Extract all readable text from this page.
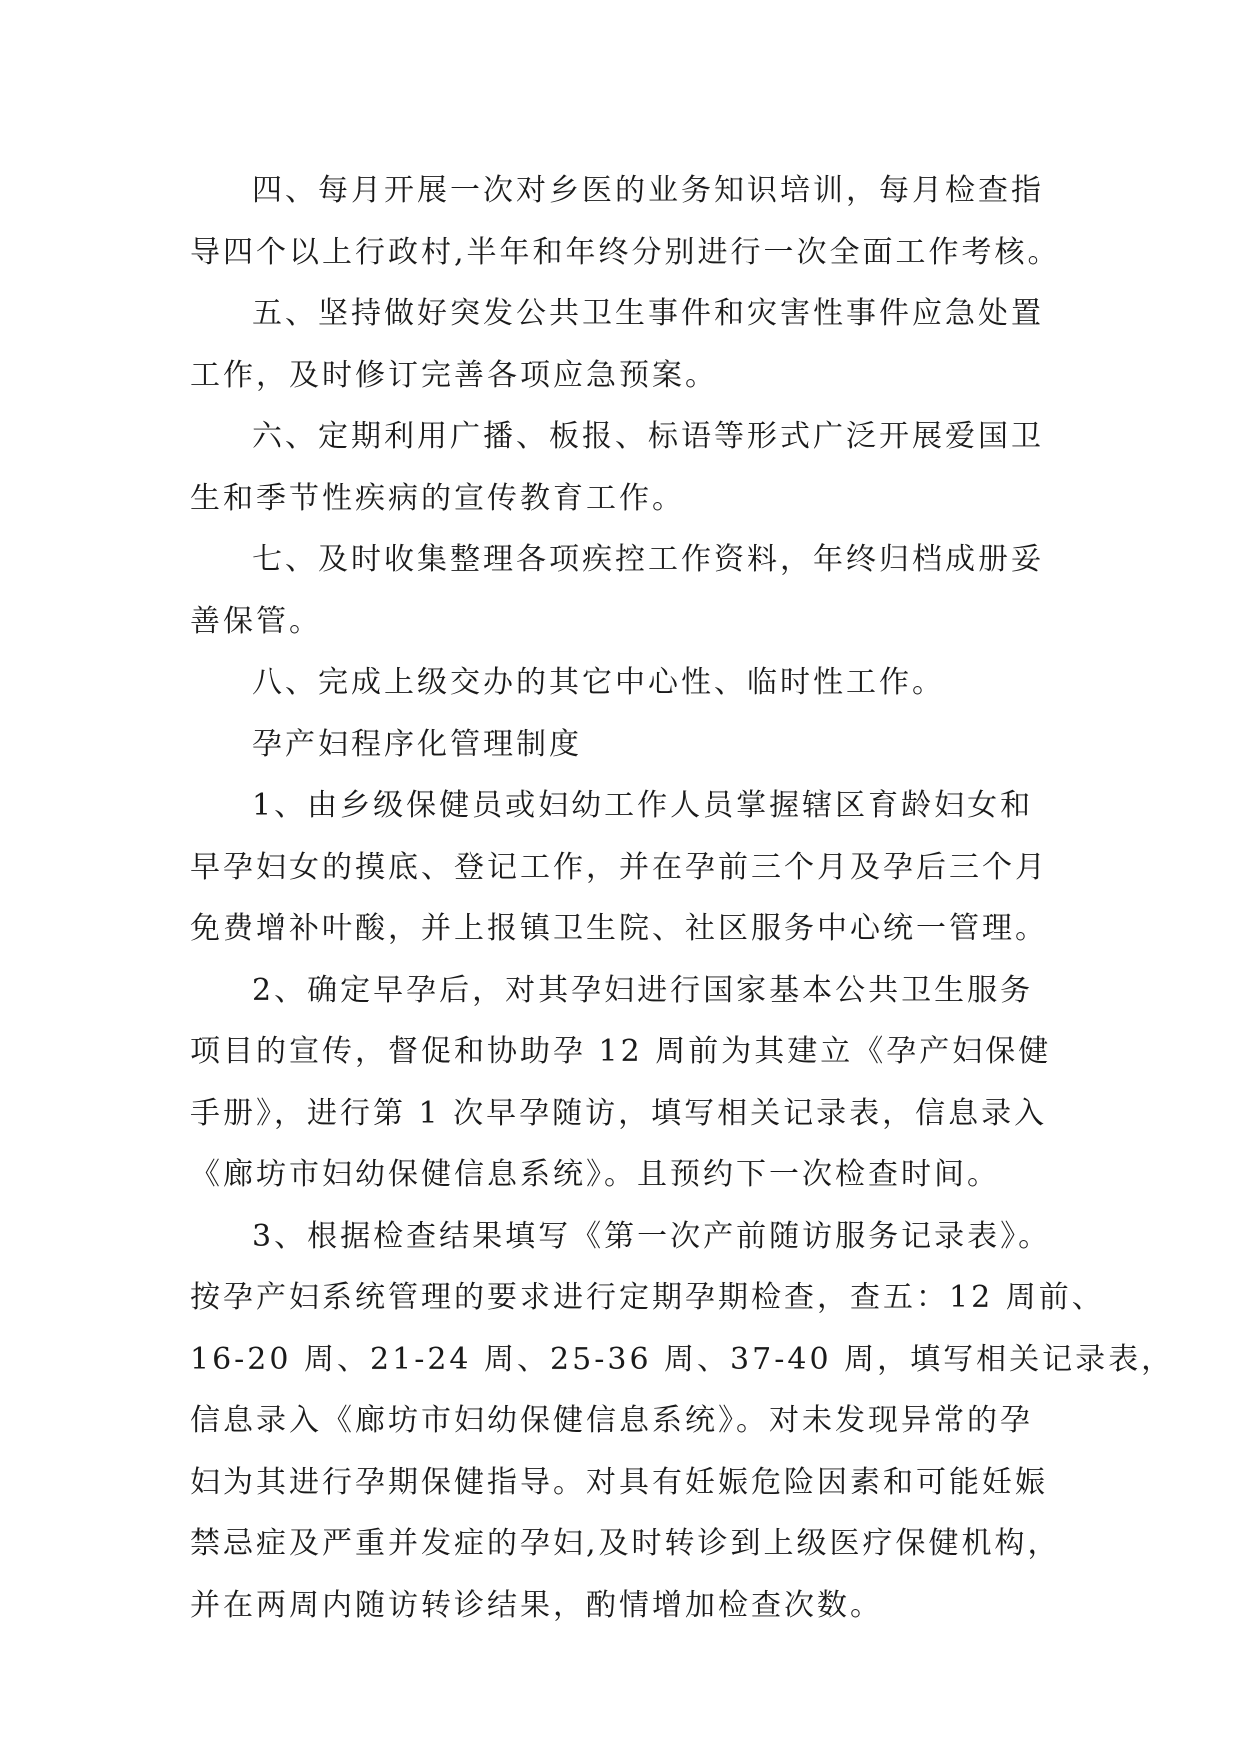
四、每月开展一次对乡医的业务知识培训，每月检查指
导四个以上行政村,半年和年终分别进行一次全面工作考核。
五、坚持做好突发公共卫生事件和灾害性事件应急处置
工作，及时修订完善各项应急预案。
六、定期利用广播、板报、标语等形式广泛开展爱国卫
生和季节性疾病的宣传教育工作。
七、及时收集整理各项疾控工作资料，年终归档成册妥
善保管。
八、完成上级交办的其它中心性、临时性工作。
孕产妇程序化管理制度
1、由乡级保健员或妇幼工作人员掌握辖区育龄妇女和
早孕妇女的摸底、登记工作，并在孕前三个月及孕后三个月
免费增补叶酸，并上报镇卫生院、社区服务中心统一管理。
2、确定早孕后，对其孕妇进行国家基本公共卫生服务
项目的宣传，督促和协助孕 12 周前为其建立《孕产妇保健
手册》，进行第 1 次早孕随访，填写相关记录表，信息录入
《廊坊市妇幼保健信息系统》。且预约下一次检查时间。
3、根据检查结果填写《第一次产前随访服务记录表》。
按孕产妇系统管理的要求进行定期孕期检查，查五：12 周前、
16-20 周、21-24 周、25-36 周、37-40 周，填写相关记录表，
信息录入《廊坊市妇幼保健信息系统》。对未发现异常的孕
妇为其进行孕期保健指导。对具有妊娠危险因素和可能妊娠
禁忌症及严重并发症的孕妇,及时转诊到上级医疗保健机构，
并在两周内随访转诊结果，酌情增加检查次数。
